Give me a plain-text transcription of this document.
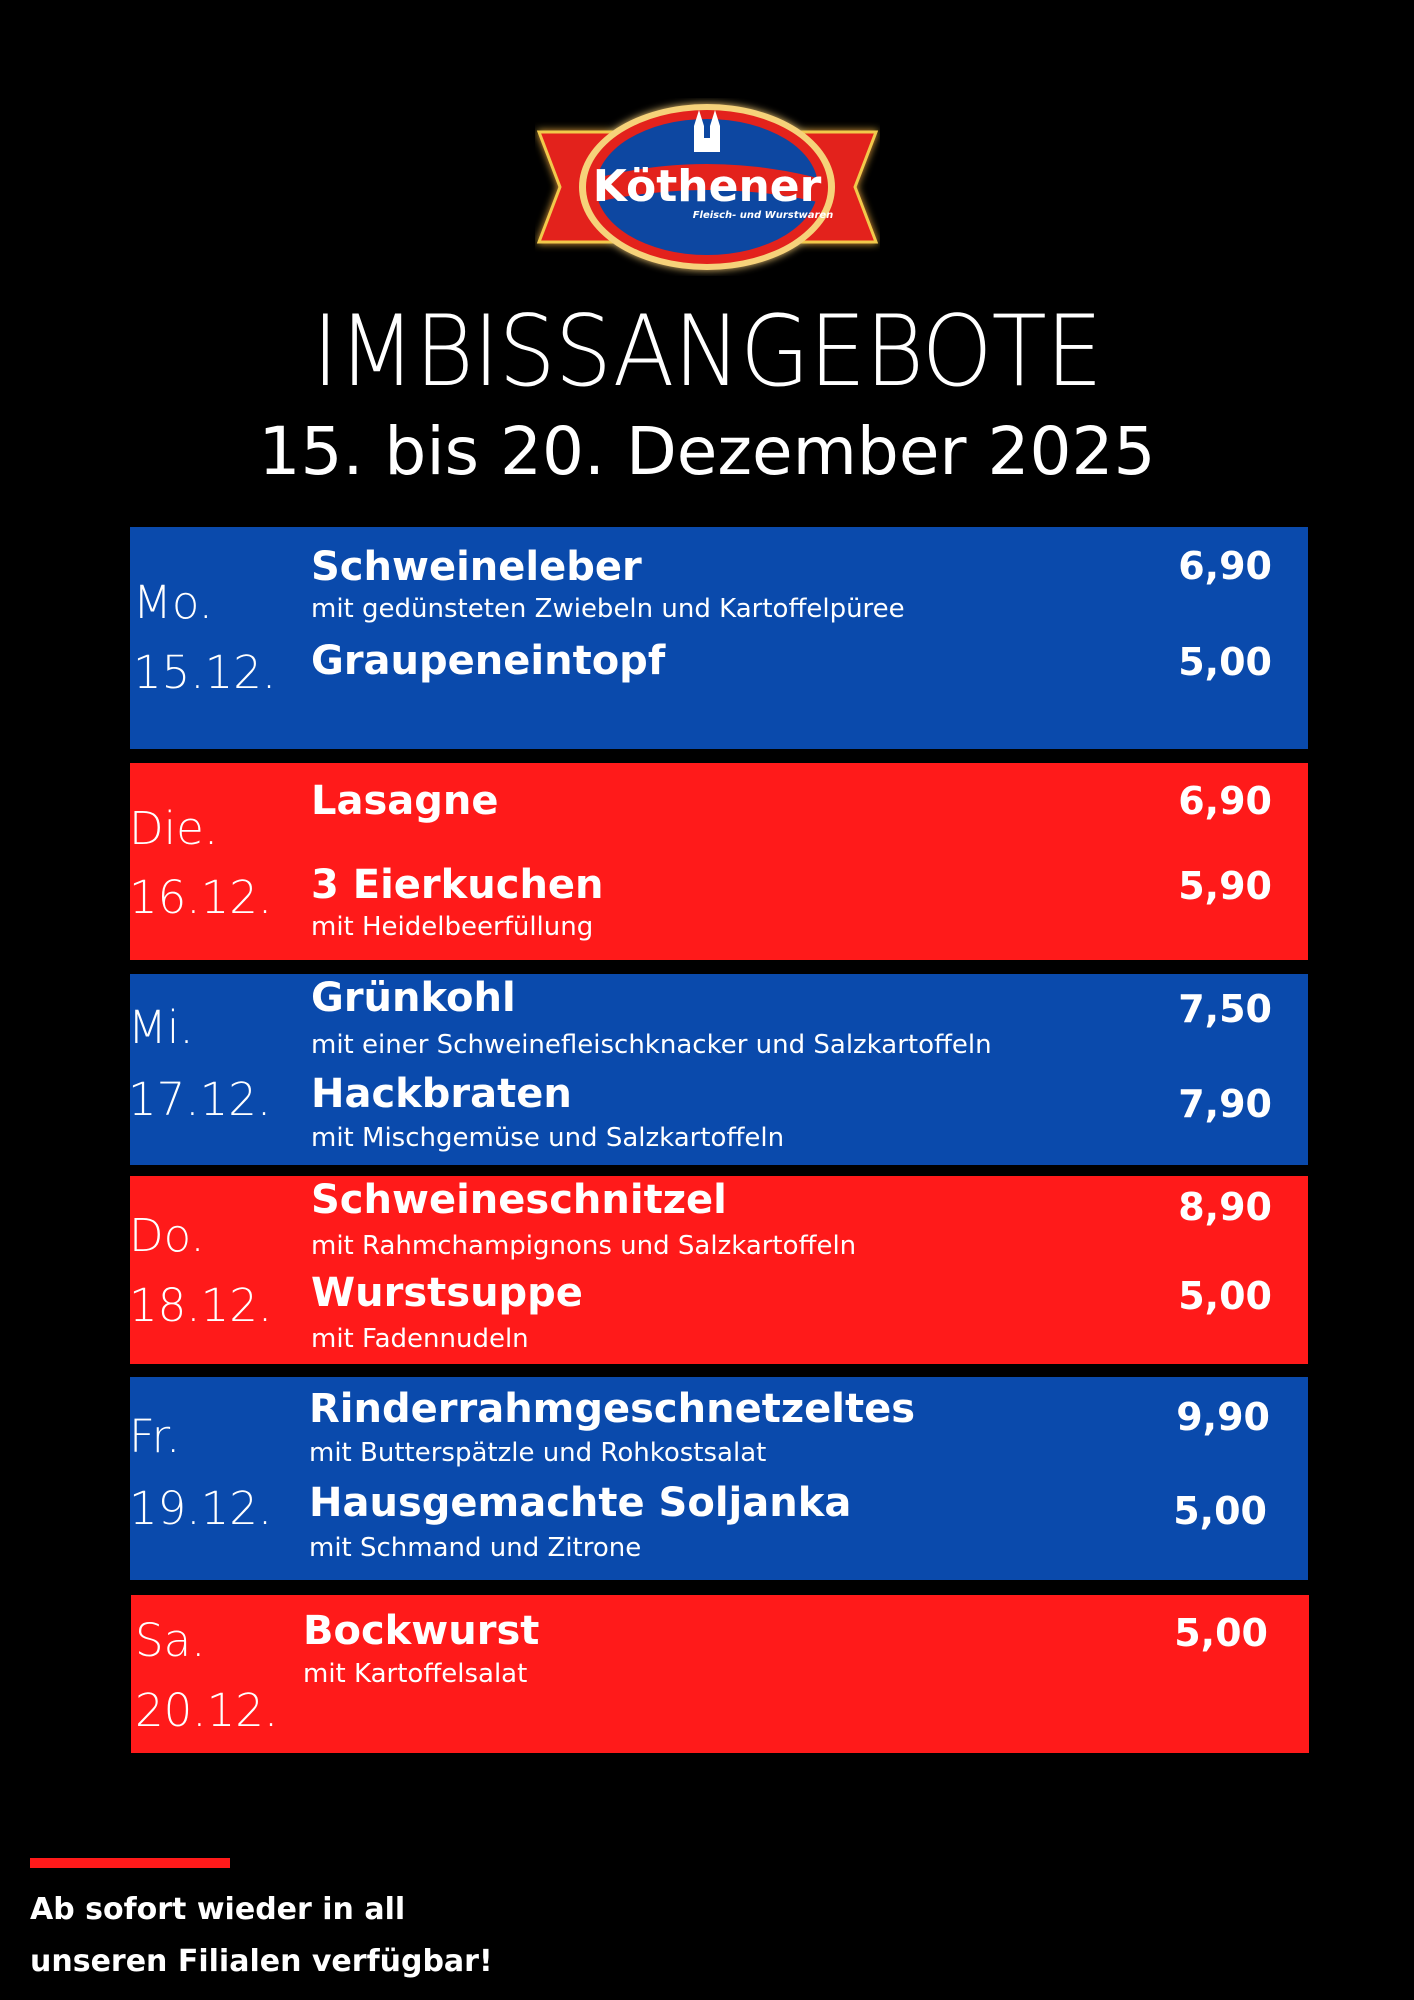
Köthener
Fleisch- und Wurstwaren
IMBISSANGEBOTE
15. bis 20. Dezember 2025
Mo.
15.12.
Schweineleber
mit gedünsteten Zwiebeln und Kartoffelpüree
6,90
Graupeneintopf	5,00
Die.
16.12.
Lasagne	6,90
3 Eierkuchen
mit Heidelbeerfüllung
5,90
Mi.
17.12.
Grünkohl
mit einer Schweinefleischknacker und Salzkartoffeln
7,50
Hackbraten
mit Mischgemüse und Salzkartoffeln
7,90
Do.
18.12.
Schweineschnitzel
mit Rahmchampignons und Salzkartoffeln
8,90
Wurstsuppe
mit Fadennudeln
5,00
Fr.
19.12.
Rinderrahmgeschnetzeltes
mit Butterspätzle und Rohkostsalat
9,90
Hausgemachte Soljanka
mit Schmand und Zitrone
5,00
Sa.
20.12.
Bockwurst
mit Kartoffelsalat
5,00
Ab sofort wieder in all
unseren Filialen verfügbar!
